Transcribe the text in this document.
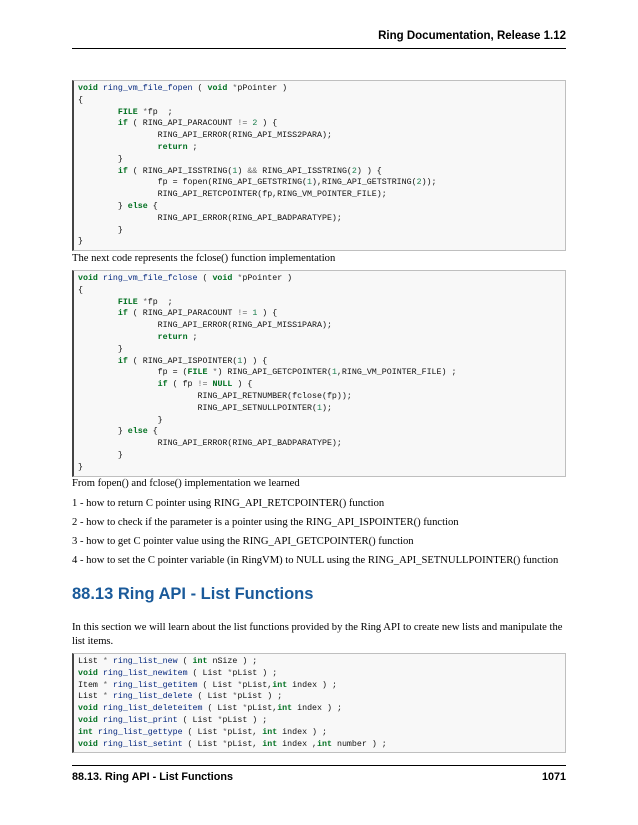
Ring Documentation, Release 1.12
void ring_vm_file_fopen ( void *pPointer )
{
FILE *fp  ;
if ( RING_API_PARACOUNT != 2 ) {
RING_API_ERROR(RING_API_MISS2PARA);
return ;
}
if ( RING_API_ISSTRING(1) && RING_API_ISSTRING(2) ) {
fp = fopen(RING_API_GETSTRING(1),RING_API_GETSTRING(2));
RING_API_RETCPOINTER(fp,RING_VM_POINTER_FILE);
} else {
RING_API_ERROR(RING_API_BADPARATYPE);
}
}
The next code represents the fclose() function implementation
void ring_vm_file_fclose ( void *pPointer )
{
FILE *fp  ;
if ( RING_API_PARACOUNT != 1 ) {
RING_API_ERROR(RING_API_MISS1PARA);
return ;
}
if ( RING_API_ISPOINTER(1) ) {
fp = (FILE *) RING_API_GETCPOINTER(1,RING_VM_POINTER_FILE) ;
if ( fp != NULL ) {
RING_API_RETNUMBER(fclose(fp));
RING_API_SETNULLPOINTER(1);
}
} else {
RING_API_ERROR(RING_API_BADPARATYPE);
}
}
From fopen() and fclose() implementation we learned
1 - how to return C pointer using RING_API_RETCPOINTER() function
2 - how to check if the parameter is a pointer using the RING_API_ISPOINTER() function
3 - how to get C pointer value using the RING_API_GETCPOINTER() function
4 - how to set the C pointer variable (in RingVM) to NULL using the RING_API_SETNULLPOINTER() function
88.13 Ring API - List Functions
In this section we will learn about the list functions provided by the Ring API to create new lists and manipulate the list items.
List * ring_list_new ( int nSize ) ;
void ring_list_newitem ( List *pList ) ;
Item * ring_list_getitem ( List *pList,int index ) ;
List * ring_list_delete ( List *pList ) ;
void ring_list_deleteitem ( List *pList,int index ) ;
void ring_list_print ( List *pList ) ;
int ring_list_gettype ( List *pList, int index ) ;
void ring_list_setint ( List *pList, int index ,int number ) ;
88.13. Ring API - List Functions	1071
